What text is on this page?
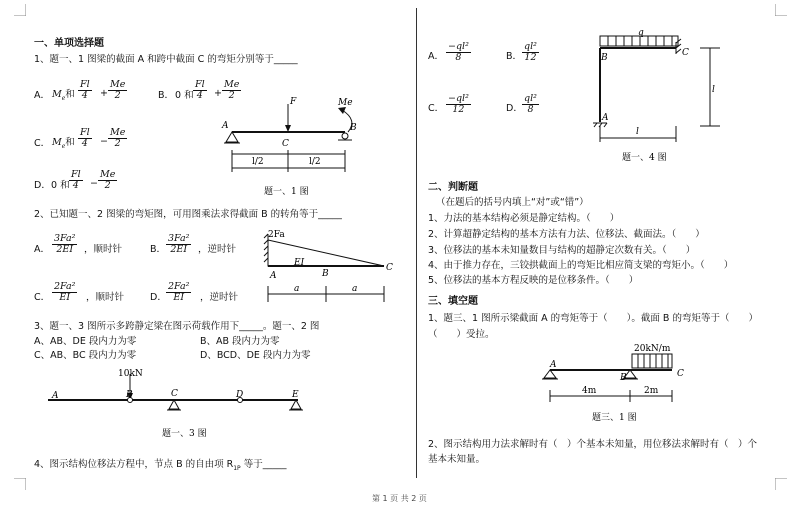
一、单项选择题
1、题一、1 图梁的截面 A 和跨中截面 C 的弯矩分别等于_____
A． $M_e$和 $\frac{Fl}{4} + \frac{Me}{2}$	B． 0 和 $\frac{Fl}{4} + \frac{Me}{2}$
C． $M_e$和 $\frac{Fl}{4} - \frac{Me}{2}$
D． 0 和 $\frac{Fl}{4} - \frac{Me}{2}$
A	B
C
F	Me
l/2	l/2
题一、1 图
2、已知题一、2 图梁的弯矩图，可用图乘法求得截面 B 的转角等于_____
A． $\frac{\text{3Fa²}}{2EI}$ ，顺时针	B． $\frac{\text{3Fa²}}{2EI}$ ，逆时针
C． $\frac{\text{2Fa²}}{EI}$ ，顺时针	D． $\frac{\text{2Fa²}}{EI}$ ，逆时针
2Fa
EI
A	B
C
a	a
3、题一、3 图所示多跨静定梁在图示荷载作用下_____。题一、2 图
A、AB、DE 段内力为零	B、AB 段内力为零
C、AB、BC 段内力为零	D、BCD、DE 段内力为零
10kN
A	B	C	D	E
题一、3 图
4、图示结构位移法方程中，节点 B 的自由项 $R_{1P}$ 等于_____
A． $\frac{\text{−ql²}}{8}$	B． $\frac{\text{ql²}}{12}$
C． $\frac{\text{−ql²}}{12}$	D． $\frac{\text{ql²}}{8}$
q
B	C
A
l
l
题一、4 图
二、判断题
（在题后的括号内填上“对”或“错”）
1、力法的基本结构必须是静定结构。（　　）
2、计算超静定结构的基本方法有力法、位移法、截面法。（　　）
3、位移法的基本未知量数目与结构的超静定次数有关。（　　）
4、由于推力存在，三铰拱截面上的弯矩比相应简支梁的弯矩小。（　　）
5、位移法的基本方程反映的是位移条件。（　　）
三、填空题
1、题三、1 图所示梁截面 A 的弯矩等于（　　）。截面 B 的弯矩等于（　　）
（　　）受拉。
20kN/m
A
B	C
4m	2m
题三、1 图
2、图示结构用力法求解时有（　）个基本未知量，用位移法求解时有（　）个
基本未知量。
第 1 页 共 2 页
